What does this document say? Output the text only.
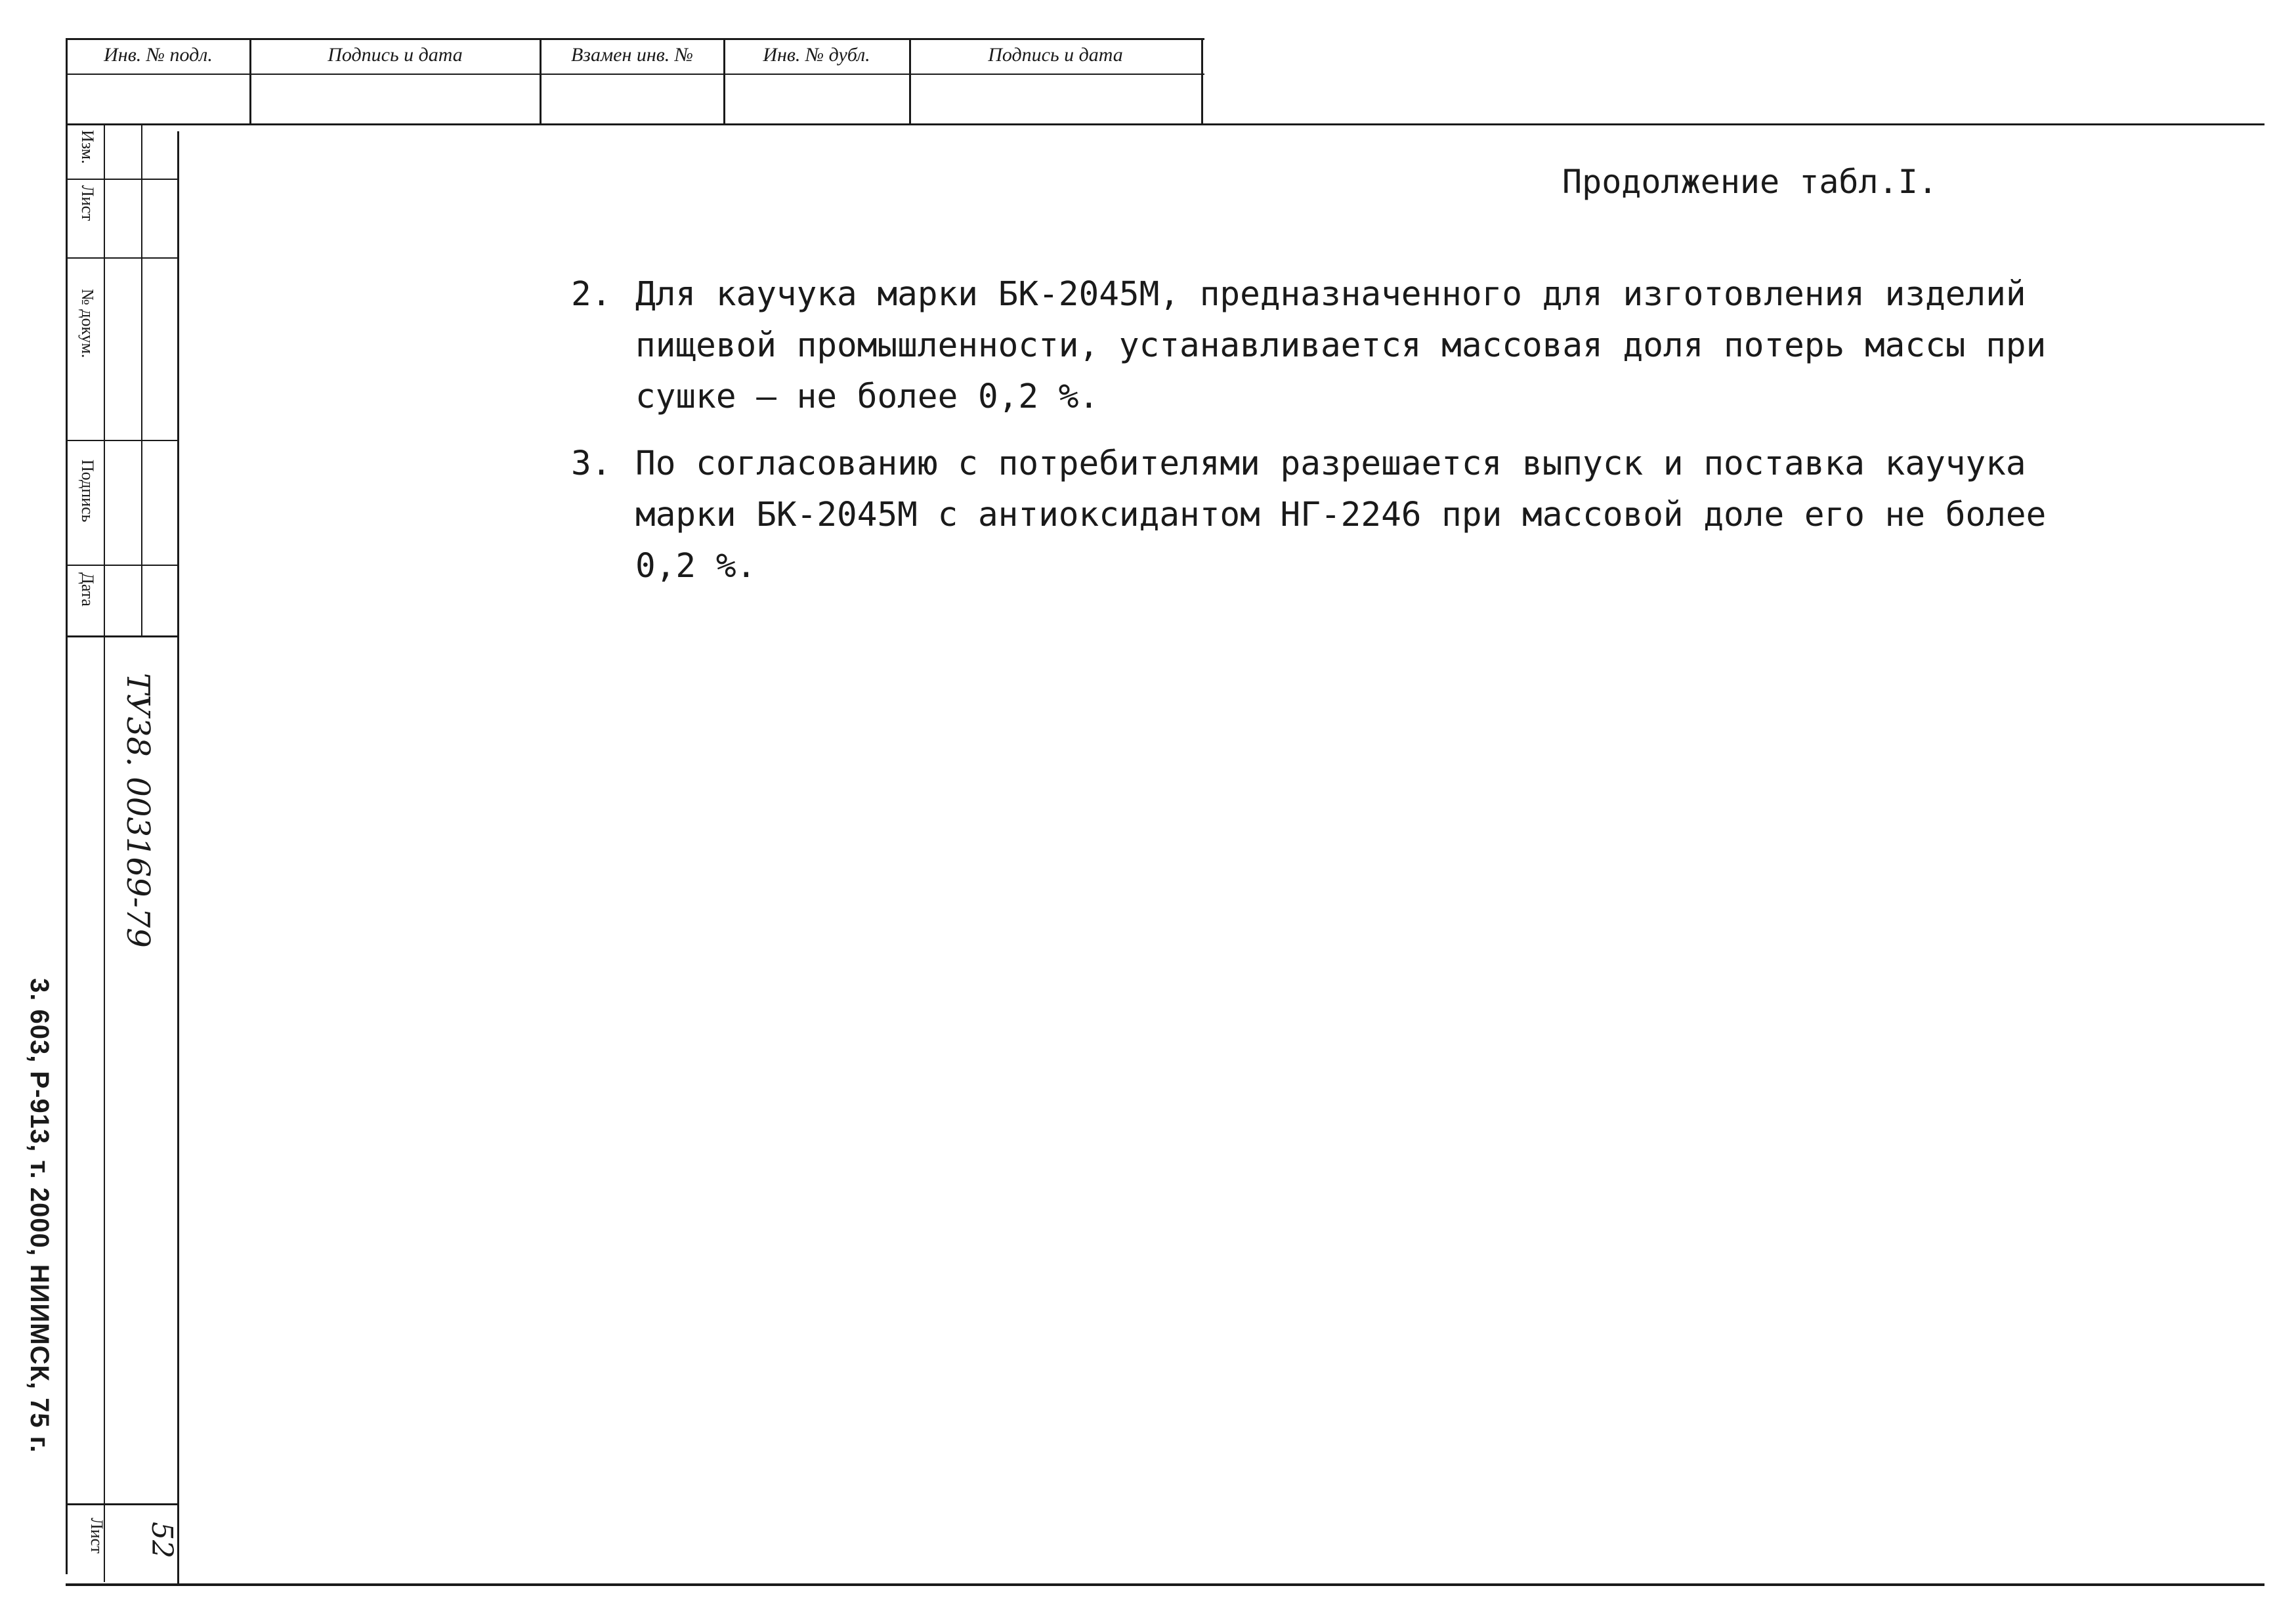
Инв. № подл.	Подпись и дата	Взамен инв. №	Инв. № дубл.	Подпись и дата
Изм.
Лист
№ докум.
Подпись
Дата
ТУ38. 003169-79
Лист 52
3. 603, Р-913, т. 2000, НИИМСК, 75 г.
Продолжение табл.I.
2. Для каучука марки БК-2045М, предназначенного для изготовления изделий пищевой промышленности, устанавливается массовая доля потерь массы при сушке – не более 0,2 %.
3. По согласованию с потребителями разрешается выпуск и поставка каучука марки БК-2045М с антиоксидантом НГ-2246 при массовой доле его не более 0,2 %.
